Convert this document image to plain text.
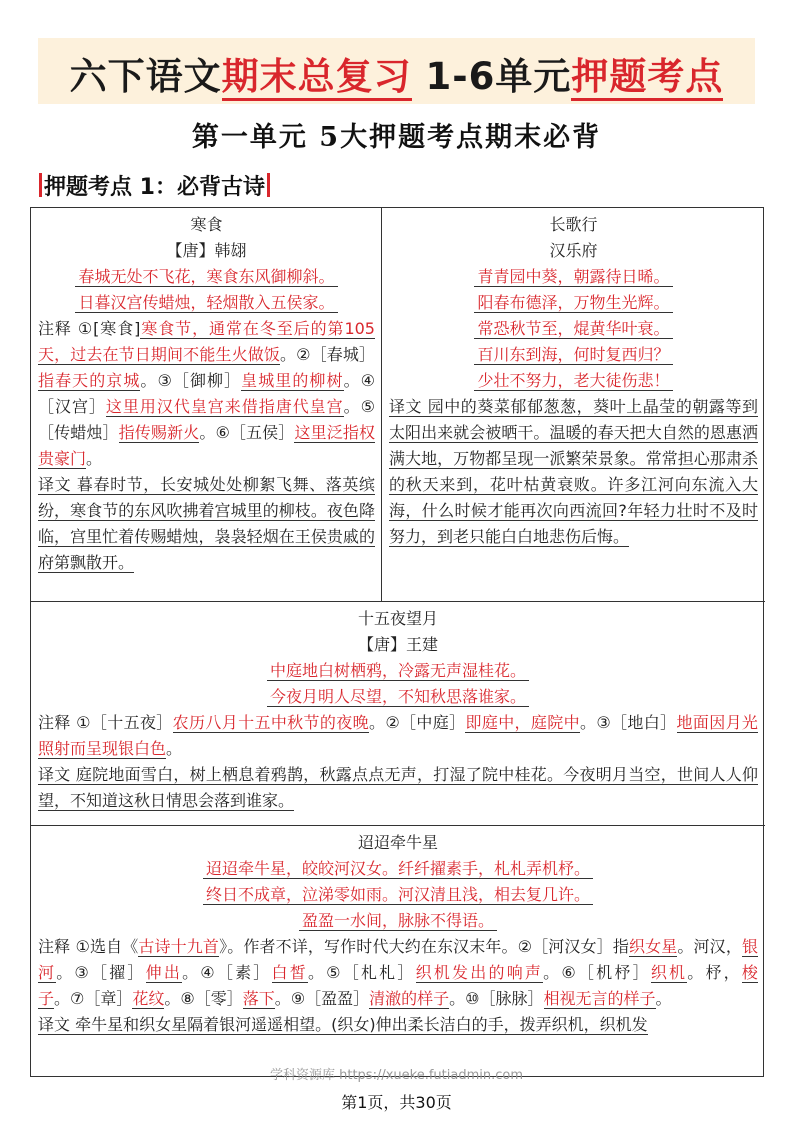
六下语文期末总复习 1-6单元押题考点
第一单元 5大押题考点期末必背
押题考点 1：必背古诗
寒食
【唐】韩翃
春城无处不飞花，寒食东风御柳斜。
日暮汉宫传蜡烛，轻烟散入五侯家。
注释 ①[寒食]寒食节，通常在冬至后的第105天，过去在节日期间不能生火做饭。②［春城］指春天的京城。③［御柳］皇城里的柳树。④［汉宫］这里用汉代皇宫来借指唐代皇宫。⑤［传蜡烛］指传赐新火。⑥［五侯］这里泛指权贵豪门。
译文 暮春时节，长安城处处柳絮飞舞、落英缤纷，寒食节的东风吹拂着宫城里的柳枝。夜色降临，宫里忙着传赐蜡烛，袅袅轻烟在王侯贵戚的府第飘散开。
长歌行
汉乐府
青青园中葵，朝露待日晞。
阳春布德泽，万物生光辉。
常恐秋节至，焜黄华叶衰。
百川东到海，何时复西归？
少壮不努力，老大徒伤悲！
译文 园中的葵菜郁郁葱葱，葵叶上晶莹的朝露等到太阳出来就会被晒干。温暖的春天把大自然的恩惠洒满大地，万物都呈现一派繁荣景象。常常担心那肃杀的秋天来到，花叶枯黄衰败。许多江河向东流入大海，什么时候才能再次向西流回?年轻力壮时不及时努力，到老只能白白地悲伤后悔。
十五夜望月
【唐】王建
中庭地白树栖鸦，冷露无声湿桂花。
今夜月明人尽望，不知秋思落谁家。
注释 ①［十五夜］农历八月十五中秋节的夜晚。②［中庭］即庭中，庭院中。③［地白］地面因月光照射而呈现银白色。
译文 庭院地面雪白，树上栖息着鸦鹊，秋露点点无声，打湿了院中桂花。今夜明月当空，世间人人仰望，不知道这秋日情思会落到谁家。
迢迢牵牛星
迢迢牵牛星，皎皎河汉女。纤纤擢素手，札札弄机杼。
终日不成章，泣涕零如雨。河汉清且浅，相去复几许。
盈盈一水间，脉脉不得语。
注释 ①选自《古诗十九首》。作者不详，写作时代大约在东汉末年。②［河汉女］指织女星。河汉，银河。③［擢］伸出。④［素］白皙。⑤［札札］织机发出的响声。⑥［机杼］织机。杼，梭子。⑦［章］花纹。⑧［零］落下。⑨［盈盈］清澈的样子。⑩［脉脉］相视无言的样子。
译文 牵牛星和织女星隔着银河遥遥相望。(织女)伸出柔长洁白的手，拨弄织机，织机发
学科资源库 https://xueke.futiadmin.com
第1页，共30页
